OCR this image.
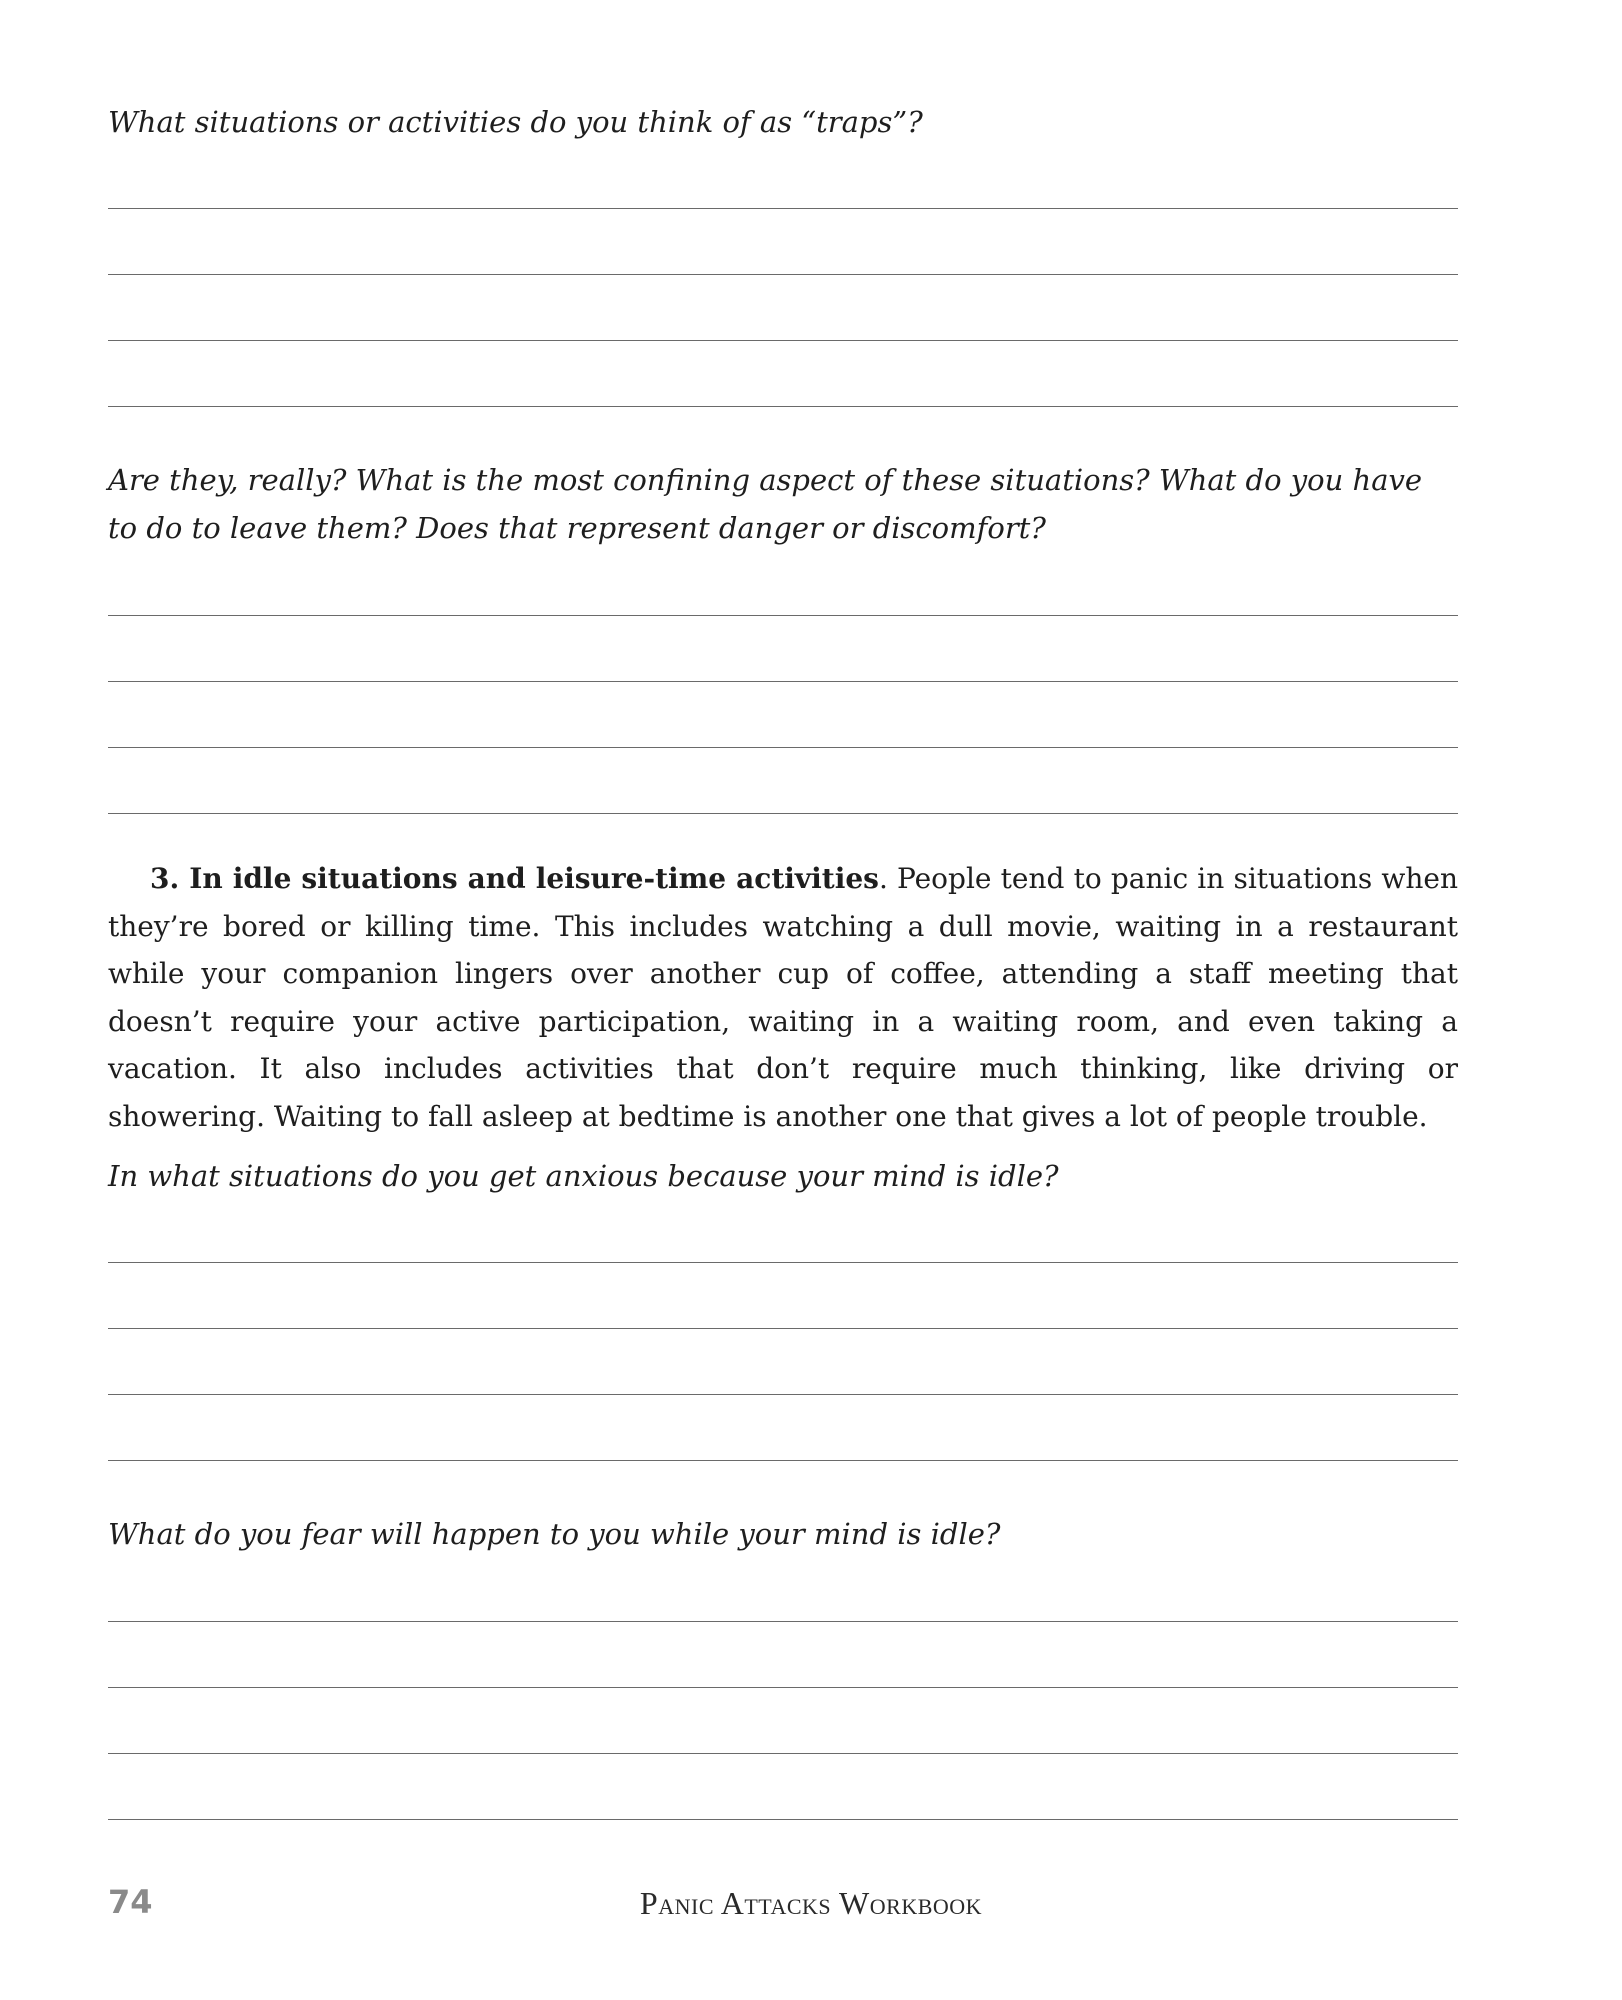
What situations or activities do you think of as “traps”?

Are they, really? What is the most confining aspect of these situations? What do you have to do to leave them? Does that represent danger or discomfort?

3. In idle situations and leisure-time activities. People tend to panic in situations when they’re bored or killing time. This includes watching a dull movie, waiting in a restaurant while your companion lingers over another cup of coffee, attending a staff meeting that doesn’t require your active participation, waiting in a waiting room, and even taking a vacation. It also includes activities that don’t require much thinking, like driving or showering. Waiting to fall asleep at bedtime is another one that gives a lot of people trouble.

In what situations do you get anxious because your mind is idle?

What do you fear will happen to you while your mind is idle?

74	Panic Attacks Workbook
